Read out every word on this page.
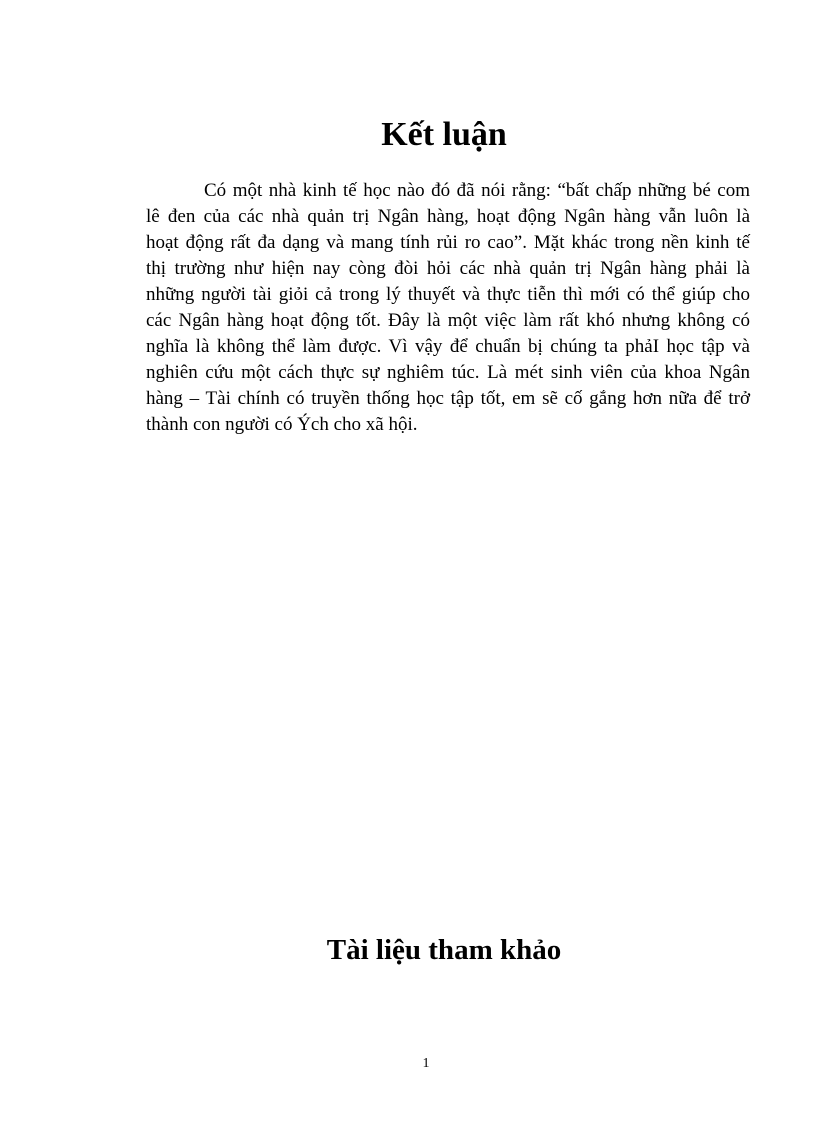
Kết luận
Có một nhà kinh tế học nào đó đã nói rằng: “bất chấp những bé com
lê đen của các nhà quản trị Ngân hàng, hoạt động Ngân hàng vẫn luôn là
hoạt động rất đa dạng và mang tính rủi ro cao”. Mặt khác trong nền kinh tế
thị trường như hiện nay còng đòi hỏi các nhà quản trị Ngân hàng phải là
những người tài giỏi cả trong lý thuyết và thực tiễn thì mới có thể giúp cho
các Ngân hàng hoạt động tốt. Đây là một việc làm rất khó nhưng không có
nghĩa là không thể làm được. Vì vậy để chuẩn bị chúng ta phảI học tập và
nghiên cứu một cách thực sự nghiêm túc. Là mét sinh viên của khoa Ngân
hàng – Tài chính có truyền thống học tập tốt, em sẽ cố gắng hơn nữa để trở
thành con người có Ých cho xã hội.
Tài liệu tham khảo
1
